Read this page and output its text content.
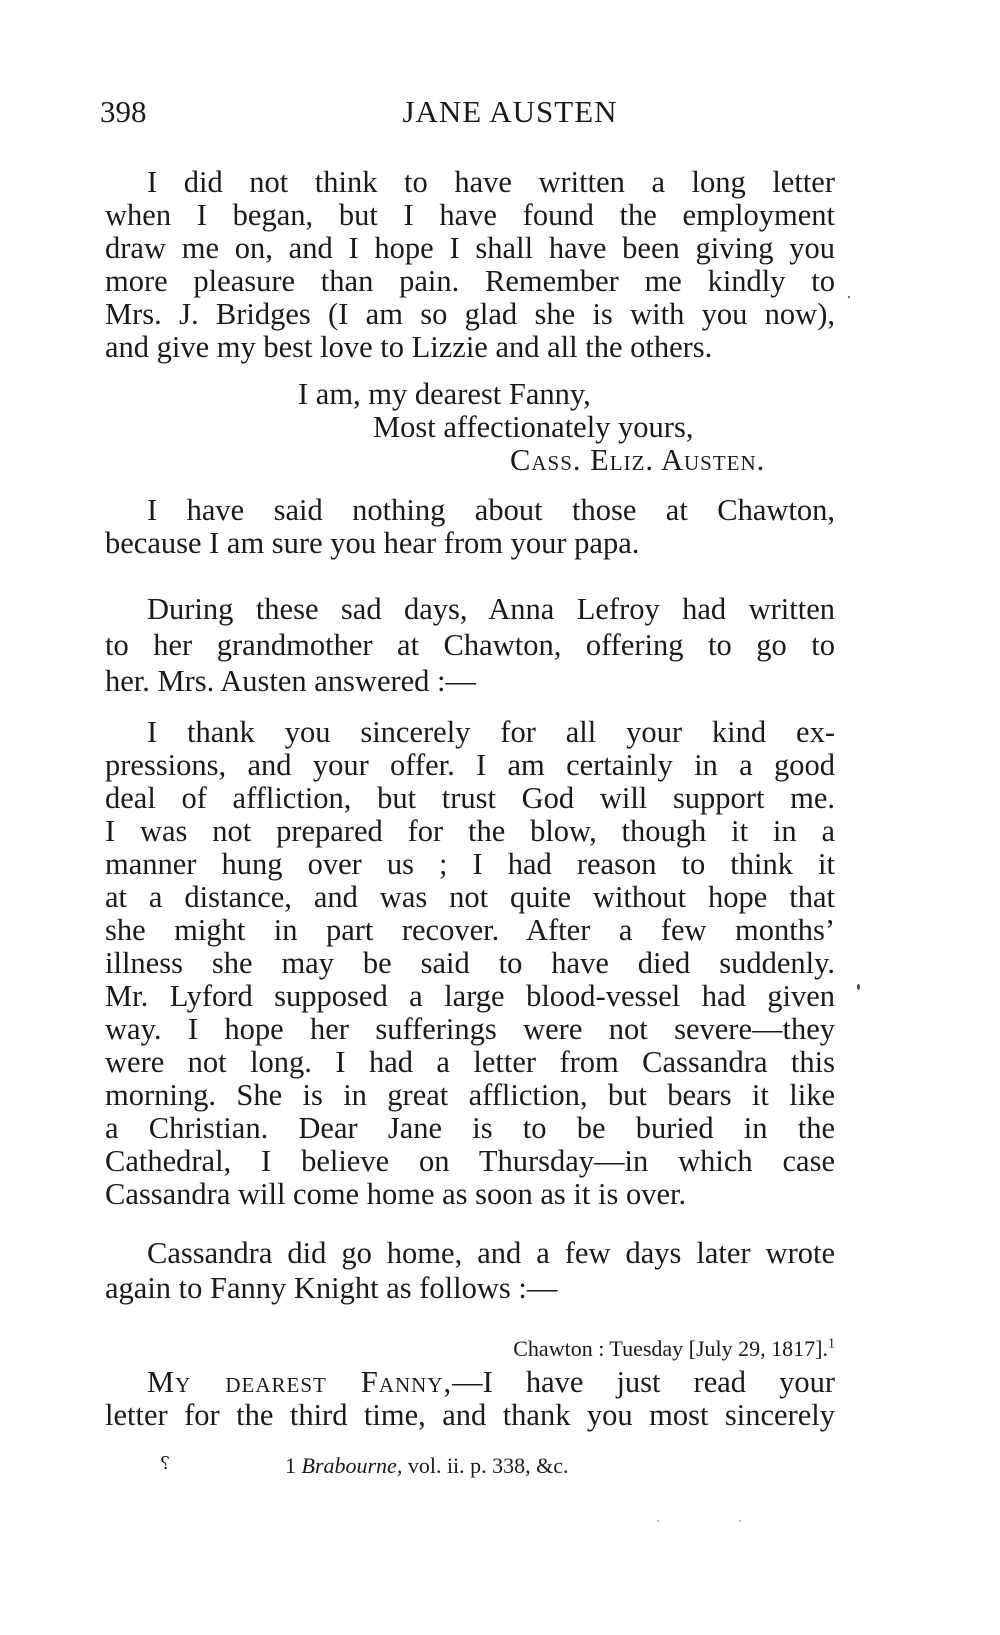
398	JANE AUSTEN
I did not think to have written a long letter
when I began, but I have found the employment
draw me on, and I hope I shall have been giving you
more pleasure than pain. Remember me kindly to
Mrs. J. Bridges (I am so glad she is with you now),
and give my best love to Lizzie and all the others.
I am, my dearest Fanny,
Most affectionately yours,
Cass. Eliz. Austen.
I have said nothing about those at Chawton,
because I am sure you hear from your papa.
During these sad days, Anna Lefroy had written
to her grandmother at Chawton, offering to go to
her. Mrs. Austen answered :—
I thank you sincerely for all your kind ex-
pressions, and your offer. I am certainly in a good
deal of affliction, but trust God will support me.
I was not prepared for the blow, though it in a
manner hung over us ; I had reason to think it
at a distance, and was not quite without hope that
she might in part recover. After a few months’
illness she may be said to have died suddenly.
Mr. Lyford supposed a large blood-vessel had given
way. I hope her sufferings were not severe—they
were not long. I had a letter from Cassandra this
morning. She is in great affliction, but bears it like
a Christian. Dear Jane is to be buried in the
Cathedral, I believe on Thursday—in which case
Cassandra will come home as soon as it is over.
Cassandra did go home, and a few days later wrote
again to Fanny Knight as follows :—
Chawton : Tuesday [July 29, 1817].$^1$
My dearest Fanny,—I have just read your
letter for the third time, and thank you most sincerely
⸮	1 Brabourne, vol. ii. p. 338, &c.
